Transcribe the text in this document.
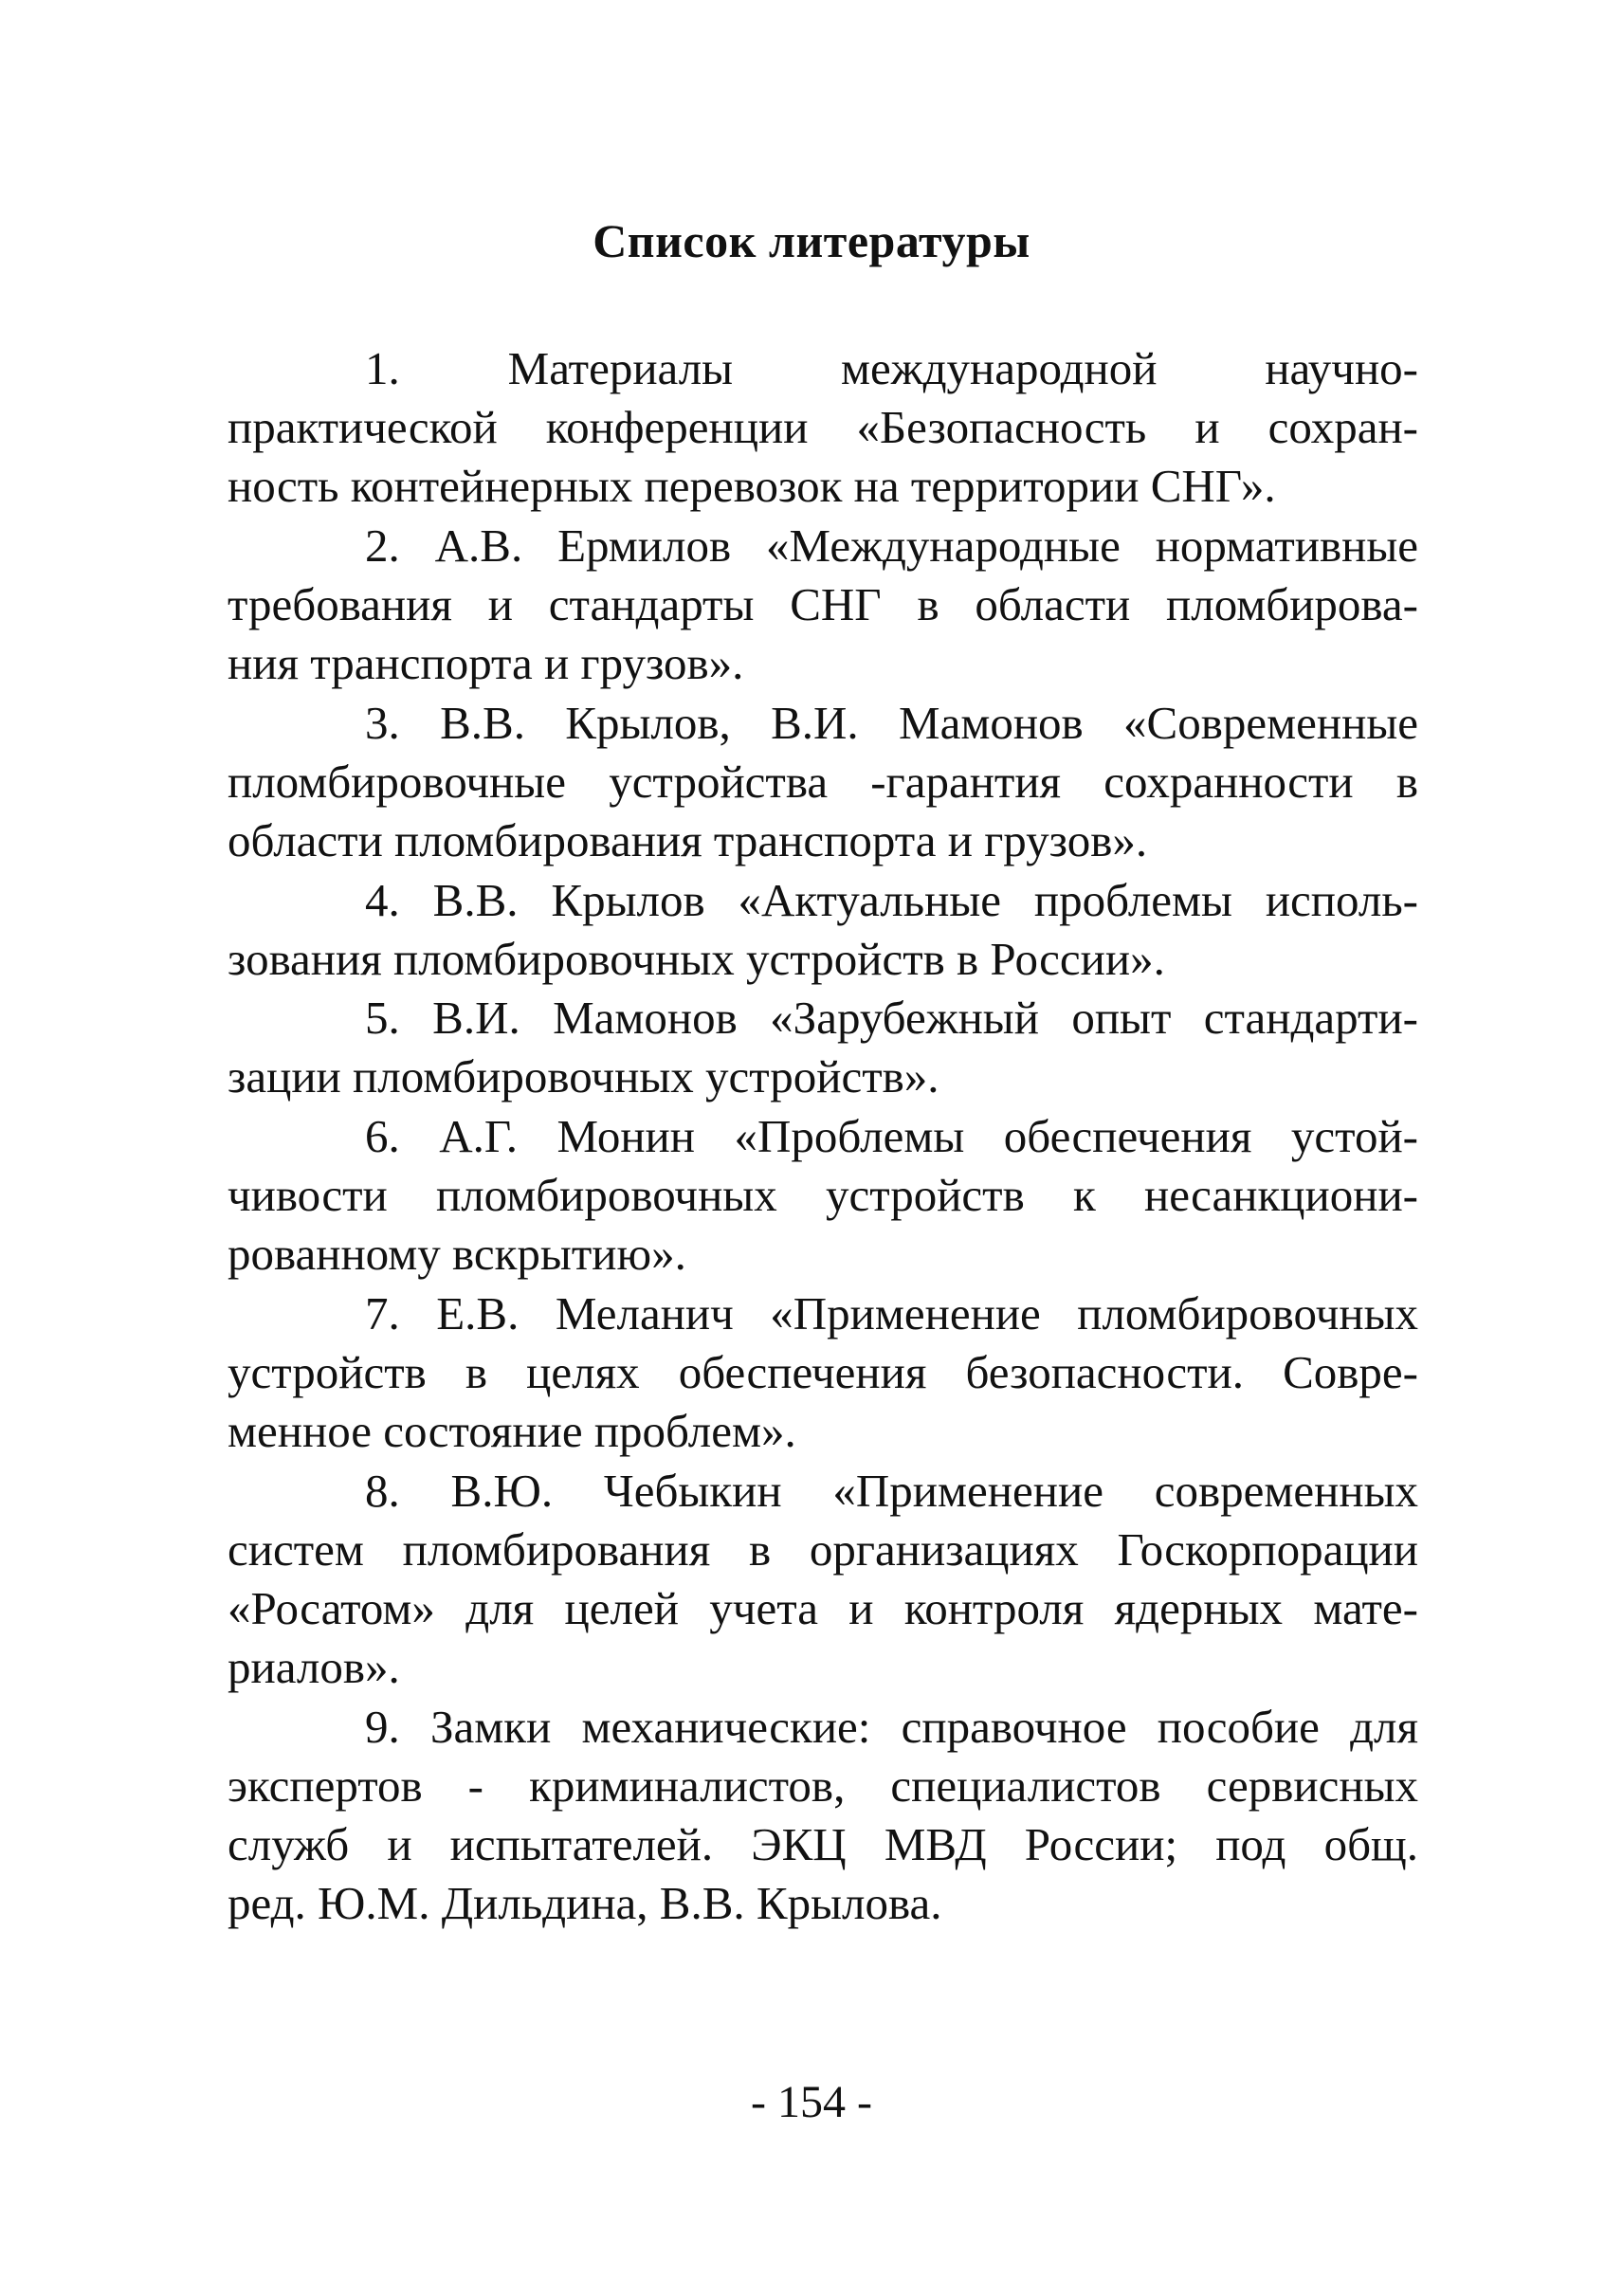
Список литературы
1. Материалы международной научно-
практической конференции «Безопасность и сохран-
ность контейнерных перевозок на территории СНГ».
2. А.В. Ермилов «Международные нормативные
требования и стандарты СНГ в области пломбирова-
ния транспорта и грузов».
3. В.В. Крылов, В.И. Мамонов «Современные
пломбировочные устройства -гарантия сохранности в
области пломбирования транспорта и грузов».
4. В.В. Крылов «Актуальные проблемы исполь-
зования пломбировочных устройств в России».
5. В.И. Мамонов «Зарубежный опыт стандарти-
зации пломбировочных устройств».
6. А.Г. Монин «Проблемы обеспечения устой-
чивости пломбировочных устройств к несанкциони-
рованному вскрытию».
7. Е.В. Меланич «Применение пломбировочных
устройств в целях обеспечения безопасности. Совре-
менное состояние проблем».
8. В.Ю. Чебыкин «Применение современных
систем пломбирования в организациях Госкорпорации
«Росатом» для целей учета и контроля ядерных мате-
риалов».
9. Замки механические: справочное пособие для
экспертов - криминалистов, специалистов сервисных
служб и испытателей. ЭКЦ МВД России; под общ.
ред. Ю.М. Дильдина, В.В. Крылова.
- 154 -
